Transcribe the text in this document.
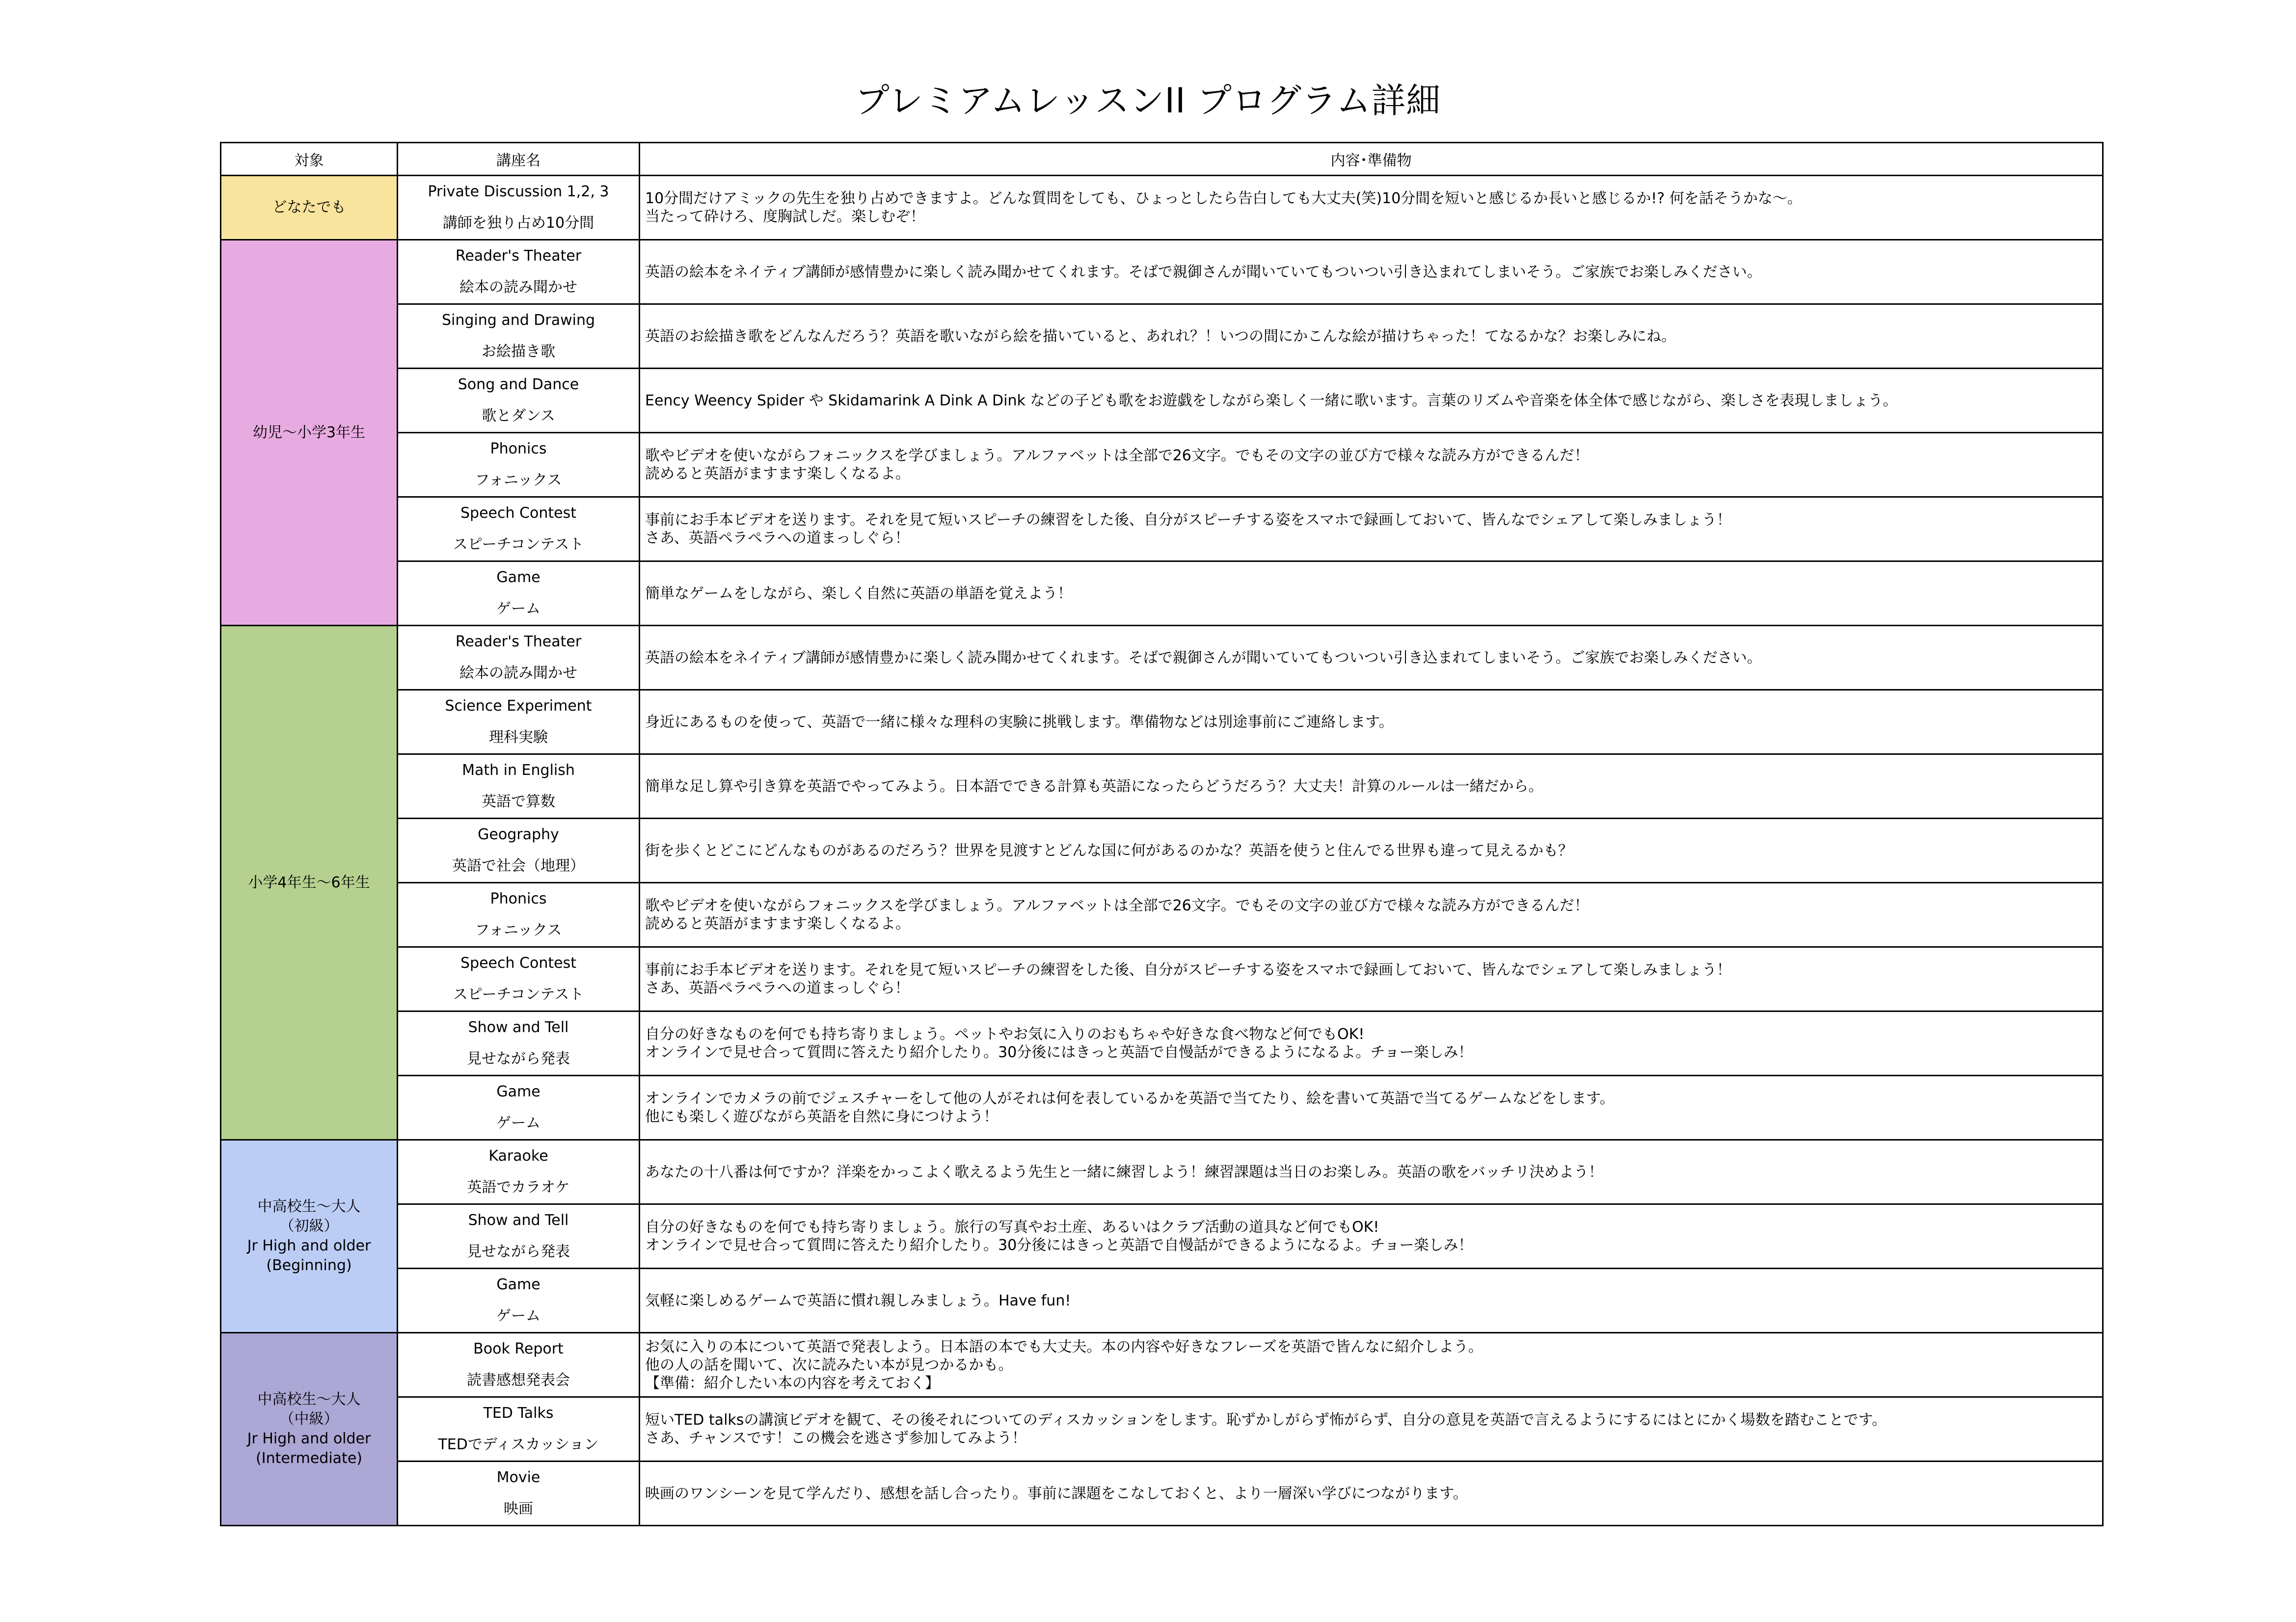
プレミアムレッスンII プログラム詳細
対象	講座名	内容･準備物

どなたでも	Private Discussion 1,2, 3
講師を独り占め10分間	10分間だけアミックの先生を独り占めできますよ。どんな質問をしても、ひょっとしたら告白しても大丈夫(笑)10分間を短いと感じるか長いと感じるか!? 何を話そうかな〜。
当たって砕けろ、度胸試しだ。楽しむぞ！

幼児〜小学3年生	Reader's Theater
絵本の読み聞かせ	英語の絵本をネイティブ講師が感情豊かに楽しく読み聞かせてくれます。そばで親御さんが聞いていてもついつい引き込まれてしまいそう。ご家族でお楽しみください。

	Singing and Drawing
お絵描き歌	英語のお絵描き歌をどんなんだろう？英語を歌いながら絵を描いていると、あれれ？！いつの間にかこんな絵が描けちゃった！てなるかな？お楽しみにね。

	Song and Dance
歌とダンス	Eency Weency Spider や Skidamarink A Dink A Dink などの子ども歌をお遊戯をしながら楽しく一緒に歌います。言葉のリズムや音楽を体全体で感じながら、楽しさを表現しましょう。

	Phonics
フォニックス	歌やビデオを使いながらフォニックスを学びましょう。アルファベットは全部で26文字。でもその文字の並び方で様々な読み方ができるんだ！
読めると英語がますます楽しくなるよ。

	Speech Contest
スピーチコンテスト	事前にお手本ビデオを送ります。それを見て短いスピーチの練習をした後、自分がスピーチする姿をスマホで録画しておいて、皆んなでシェアして楽しみましょう！
さあ、英語ペラペラへの道まっしぐら！

	Game
ゲーム	簡単なゲームをしながら、楽しく自然に英語の単語を覚えよう！

小学4年生〜6年生	Reader's Theater
絵本の読み聞かせ	英語の絵本をネイティブ講師が感情豊かに楽しく読み聞かせてくれます。そばで親御さんが聞いていてもついつい引き込まれてしまいそう。ご家族でお楽しみください。

	Science Experiment
理科実験	身近にあるものを使って、英語で一緒に様々な理科の実験に挑戦します。準備物などは別途事前にご連絡します。

	Math in English
英語で算数	簡単な足し算や引き算を英語でやってみよう。日本語でできる計算も英語になったらどうだろう？大丈夫！計算のルールは一緒だから。

	Geography
英語で社会（地理）	街を歩くとどこにどんなものがあるのだろう？世界を見渡すとどんな国に何があるのかな？英語を使うと住んでる世界も違って見えるかも？

	Phonics
フォニックス	歌やビデオを使いながらフォニックスを学びましょう。アルファベットは全部で26文字。でもその文字の並び方で様々な読み方ができるんだ！
読めると英語がますます楽しくなるよ。

	Speech Contest
スピーチコンテスト	事前にお手本ビデオを送ります。それを見て短いスピーチの練習をした後、自分がスピーチする姿をスマホで録画しておいて、皆んなでシェアして楽しみましょう！
さあ、英語ペラペラへの道まっしぐら！

	Show and Tell
見せながら発表	自分の好きなものを何でも持ち寄りましょう。ペットやお気に入りのおもちゃや好きな食べ物など何でもOK!
オンラインで見せ合って質問に答えたり紹介したり。30分後にはきっと英語で自慢話ができるようになるよ。チョー楽しみ！

	Game
ゲーム	オンラインでカメラの前でジェスチャーをして他の人がそれは何を表しているかを英語で当てたり、絵を書いて英語で当てるゲームなどをします。
他にも楽しく遊びながら英語を自然に身につけよう！

中高校生〜大人
（初級）
Jr High and older
(Beginning)	Karaoke
英語でカラオケ	あなたの十八番は何ですか？洋楽をかっこよく歌えるよう先生と一緒に練習しよう！練習課題は当日のお楽しみ。英語の歌をバッチリ決めよう！

	Show and Tell
見せながら発表	自分の好きなものを何でも持ち寄りましょう。旅行の写真やお土産、あるいはクラブ活動の道具など何でもOK!
オンラインで見せ合って質問に答えたり紹介したり。30分後にはきっと英語で自慢話ができるようになるよ。チョー楽しみ！

	Game
ゲーム	気軽に楽しめるゲームで英語に慣れ親しみましょう。Have fun!

中高校生〜大人
（中級）
Jr High and older
(Intermediate)	Book Report
読書感想発表会	お気に入りの本について英語で発表しよう。日本語の本でも大丈夫。本の内容や好きなフレーズを英語で皆んなに紹介しよう。
他の人の話を聞いて、次に読みたい本が見つかるかも。
【準備：紹介したい本の内容を考えておく】

	TED Talks
TEDでディスカッション	短いTED talksの講演ビデオを観て、その後それについてのディスカッションをします。恥ずかしがらず怖がらず、自分の意見を英語で言えるようにするにはとにかく場数を踏むことです。
さあ、チャンスです！この機会を逃さず参加してみよう！

	Movie
映画	映画のワンシーンを見て学んだり、感想を話し合ったり。事前に課題をこなしておくと、より一層深い学びにつながります。
